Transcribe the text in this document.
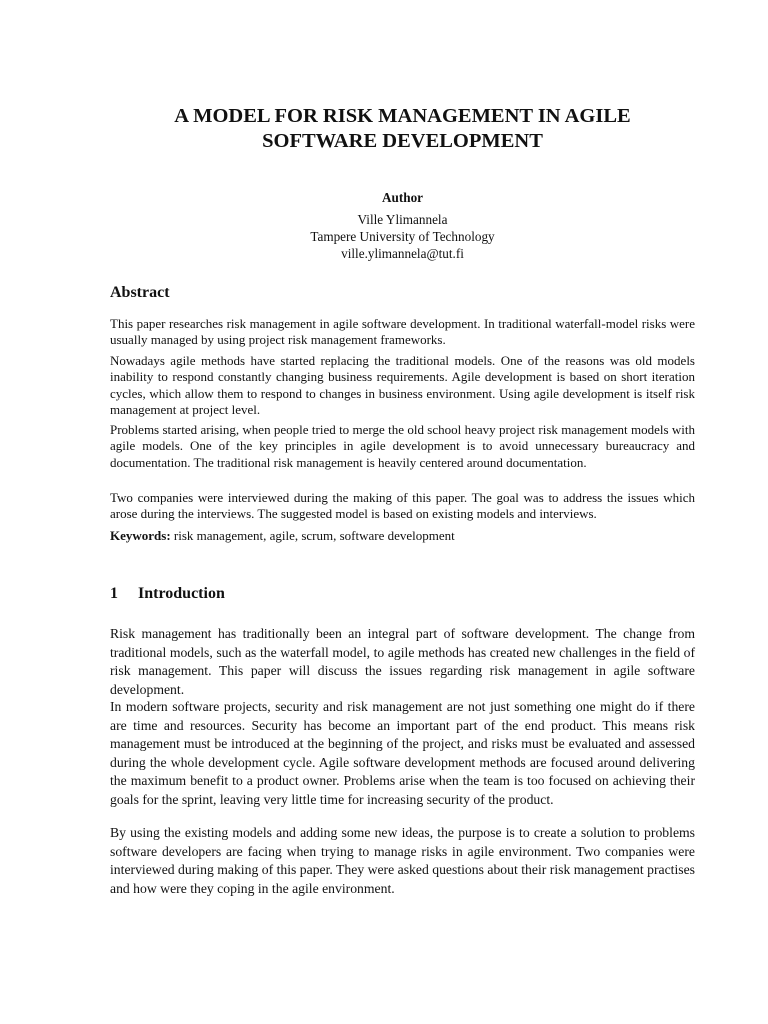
A MODEL FOR RISK MANAGEMENT IN AGILE
SOFTWARE DEVELOPMENT
Author
Ville Ylimannela
Tampere University of Technology
ville.ylimannela@tut.fi
Abstract

This paper researches risk management in agile software development. In traditional waterfall-model risks were usually managed by using project risk management frameworks.

Nowadays agile methods have started replacing the traditional models. One of the reasons was old models inability to respond constantly changing business requirements. Agile development is based on short iteration cycles, which allow them to respond to changes in business environment. Using agile development is itself risk management at project level.

Problems started arising, when people tried to merge the old school heavy project risk management models with agile models. One of the key principles in agile development is to avoid unnecessary bureaucracy and documentation. The traditional risk management is heavily centered around documentation.

Two companies were interviewed during the making of this paper. The goal was to address the issues which arose during the interviews. The suggested model is based on existing models and interviews.

Keywords: risk management, agile, scrum, software development

1 Introduction

Risk management has traditionally been an integral part of software development. The change from traditional models, such as the waterfall model, to agile methods has created new challenges in the field of risk management. This paper will discuss the issues regarding risk management in agile software development.

In modern software projects, security and risk management are not just something one might do if there are time and resources. Security has become an important part of the end product. This means risk management must be introduced at the beginning of the project, and risks must be evaluated and assessed during the whole development cycle. Agile software development methods are focused around delivering the maximum benefit to a product owner. Problems arise when the team is too focused on achieving their goals for the sprint, leaving very little time for increasing security of the product.

By using the existing models and adding some new ideas, the purpose is to create a solution to problems software developers are facing when trying to manage risks in agile environment. Two companies were interviewed during making of this paper. They were asked questions about their risk management practises and how were they coping in the agile environment.
